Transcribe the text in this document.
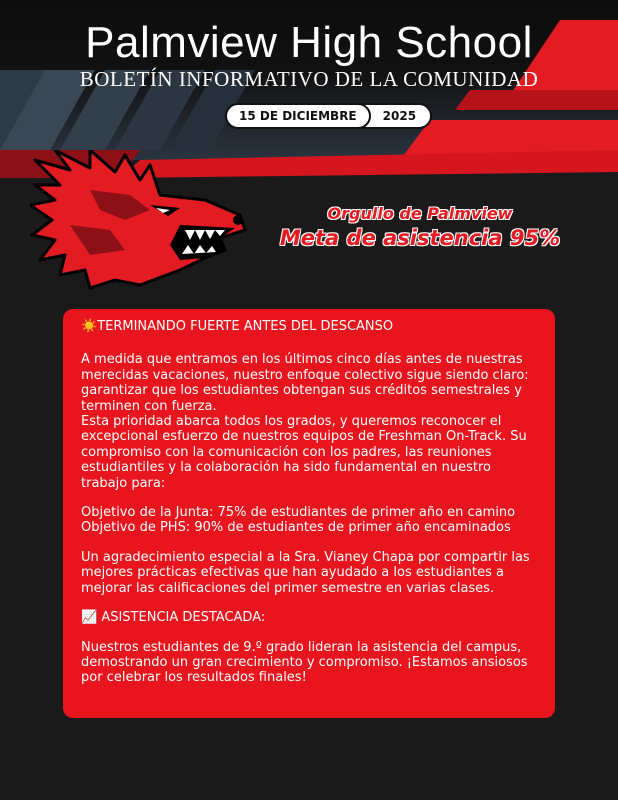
Palmview High School
BOLETÍN INFORMATIVO DE LA COMUNIDAD
15 DE DICIEMBRE	2025
Orgullo de Palmview
Meta de asistencia 95%

☀️TERMINANDO FUERTE ANTES DEL DESCANSO

A medida que entramos en los últimos cinco días antes de nuestras merecidas vacaciones, nuestro enfoque colectivo sigue siendo claro: garantizar que los estudiantes obtengan sus créditos semestrales y terminen con fuerza.

Esta prioridad abarca todos los grados, y queremos reconocer el excepcional esfuerzo de nuestros equipos de Freshman On-Track. Su compromiso con la comunicación con los padres, las reuniones estudiantiles y la colaboración ha sido fundamental en nuestro trabajo para:

Objetivo de la Junta: 75% de estudiantes de primer año en camino

Objetivo de PHS: 90% de estudiantes de primer año encaminados

Un agradecimiento especial a la Sra. Vianey Chapa por compartir las mejores prácticas efectivas que han ayudado a los estudiantes a mejorar las calificaciones del primer semestre en varias clases.

📈 ASISTENCIA DESTACADA:

Nuestros estudiantes de 9.º grado lideran la asistencia del campus, demostrando un gran crecimiento y compromiso. ¡Estamos ansiosos por celebrar los resultados finales!
